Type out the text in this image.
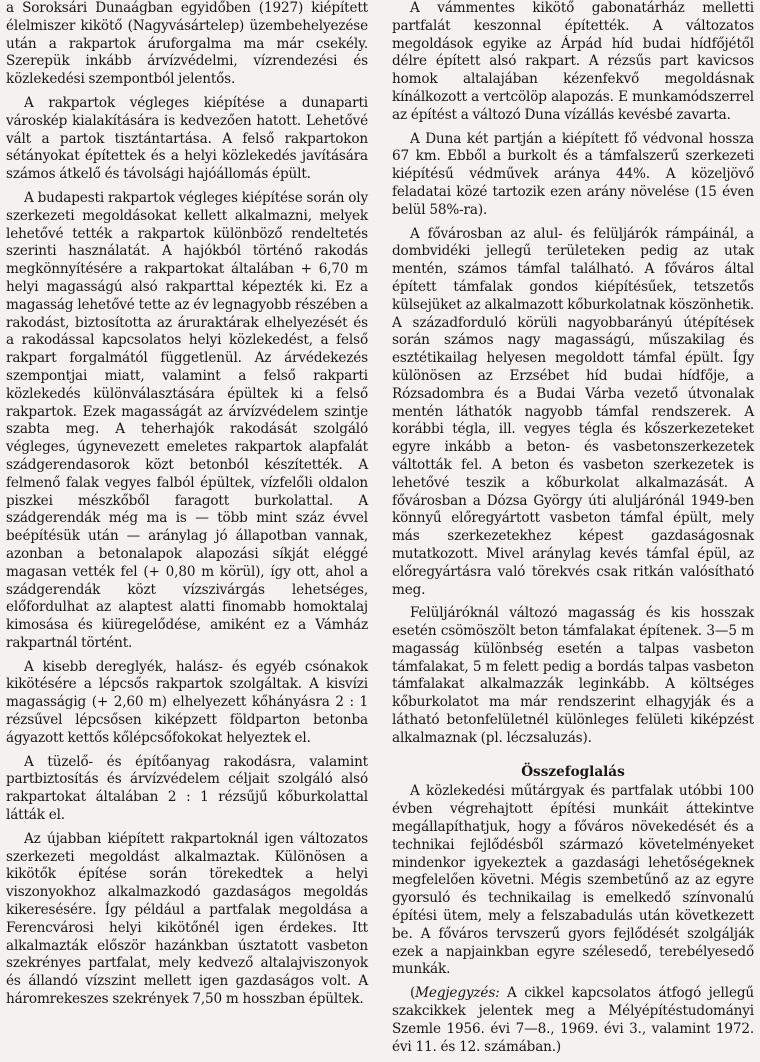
a Soroksári Dunaágban egyidőben (1927) kiépített élelmiszer kikötő (Nagyvásártelep) üzembehelyezése után a rakpartok áruforgalma ma már csekély. Szerepük inkább árvízvédelmi, vízrendezési és közlekedési szempontból jelentős.

A rakpartok végleges kiépítése a dunaparti városkép kialakítására is kedvezően hatott. Lehetővé vált a partok tisztántartása. A felső rakpartokon sétányokat építettek és a helyi közlekedés javítására számos átkelő és távolsági hajóállomás épült.

A budapesti rakpartok végleges kiépítése során oly szerkezeti megoldásokat kellett alkalmazni, melyek lehetővé tették a rakpartok különböző rendeltetés szerinti használatát. A hajókból történő rakodás megkönnyítésére a rakpartokat általában + 6,70 m helyi magasságú alsó rakparttal képezték ki. Ez a magasság lehetővé tette az év legnagyobb részében a rakodást, biztosította az áruraktárak elhelyezését és a rakodással kapcsolatos helyi közlekedést, a felső rakpart forgalmától függetlenül. Az árvédekezés szempontjai miatt, valamint a felső rakparti közlekedés különválasztására épültek ki a felső rakpartok. Ezek magasságát az árvízvédelem szintje szabta meg. A teherhajók rakodását szolgáló végleges, úgynevezett emeletes rakpartok alapfalát szádgerendasorok közt betonból készítették. A felmenő falak vegyes falból épültek, vízfelőli oldalon piszkei mészkőből faragott burkolattal. A szádgerendák még ma is — több mint száz évvel beépítésük után — aránylag jó állapotban vannak, azonban a betonalapok alapozási síkját eléggé magasan vették fel (+ 0,80 m körül), így ott, ahol a szádgerendák közt vízszivárgás lehetséges, előfordulhat az alaptest alatti finomabb homoktalaj kimosása és kiüregelődése, amiként ez a Vámház rakpartnál történt.

A kisebb dereglyék, halász- és egyéb csónakok kikötésére a lépcsős rakpartok szolgáltak. A kisvízi magasságig (+ 2,60 m) elhelyezett kőhányásra 2 : 1 rézsűvel lépcsősen kiképzett földparton betonba ágyazott kettős kőlépcsőfokokat helyeztek el.

A tüzelő- és építőanyag rakodásra, valamint partbiztosítás és árvízvédelem céljait szolgáló alsó rakpartokat általában 2 : 1 rézsűjű kőburkolattal látták el.

Az újabban kiépített rakpartoknál igen változatos szerkezeti megoldást alkalmaztak. Különösen a kikötők építése során törekedtek a helyi viszonyokhoz alkalmazkodó gazdaságos megoldás kikeresésére. Így például a partfalak megoldása a Ferencvárosi helyi kikötőnél igen érdekes. Itt alkalmazták először hazánkban úsztatott vasbeton szekrényes partfalat, mely kedvező altalajviszonyok és állandó vízszint mellett igen gazdaságos volt. A háromrekeszes szekrények 7,50 m hosszban épültek.

A vámmentes kikötő gabonatárház melletti partfalát keszonnal építették. A változatos megoldások egyike az Árpád híd budai hídfőjétől délre épített alsó rakpart. A rézsűs part kavicsos homok altalajában kézenfekvő megoldásnak kínálkozott a vertcölöp alapozás. E munkamódszerrel az építést a változó Duna vízállás kevésbé zavarta.

A Duna két partján a kiépített fő védvonal hossza 67 km. Ebből a burkolt és a támfalszerű szerkezeti kiépítésű védművek aránya 44%. A közeljövő feladatai közé tartozik ezen arány növelése (15 éven belül 58%-ra).

A fővárosban az alul- és felüljárók rámpáinál, a dombvidéki jellegű területeken pedig az utak mentén, számos támfal található. A főváros által épített támfalak gondos kiépítésűek, tetszetős külsejüket az alkalmazott kőburkolatnak köszönhetik. A századforduló körüli nagyobbarányú útépítések során számos nagy magasságú, műszakilag és esztétikailag helyesen megoldott támfal épült. Így különösen az Erzsébet híd budai hídfője, a Rózsadombra és a Budai Várba vezető útvonalak mentén láthatók nagyobb támfal rendszerek. A korábbi tégla, ill. vegyes tégla és kőszerkezeteket egyre inkább a beton- és vasbetonszerkezetek váltották fel. A beton és vasbeton szerkezetek is lehetővé teszik a kőburkolat alkalmazását. A fővárosban a Dózsa György úti aluljárónál 1949-ben könnyű előregyártott vasbeton támfal épült, mely más szerkezetekhez képest gazdaságosnak mutatkozott. Mivel aránylag kevés támfal épül, az előregyártásra való törekvés csak ritkán valósítható meg.

Felüljáróknál változó magasság és kis hosszak esetén csömöszölt beton támfalakat építenek. 3—5 m magasság különbség esetén a talpas vasbeton támfalakat, 5 m felett pedig a bordás talpas vasbeton támfalakat alkalmazzák leginkább. A költséges kőburkolatot ma már rendszerint elhagyják és a látható betonfelületnél különleges felületi kiképzést alkalmaznak (pl. léczsaluzás).

Összefoglalás

A közlekedési műtárgyak és partfalak utóbbi 100 évben végrehajtott építési munkáit áttekintve megállapíthatjuk, hogy a főváros növekedését és a technikai fejlődésből származó követelményeket mindenkor igyekeztek a gazdasági lehetőségeknek megfelelően követni. Mégis szembetűnő az az egyre gyorsuló és technikailag is emelkedő színvonalú építési ütem, mely a felszabadulás után következett be. A főváros tervszerű gyors fejlődését szolgálják ezek a napjainkban egyre szélesedő, terebélyesedő munkák.

(Megjegyzés: A cikkel kapcsolatos átfogó jellegű szakcikkek jelentek meg a Mélyépítéstudományi Szemle 1956. évi 7—8., 1969. évi 3., valamint 1972. évi 11. és 12. számában.)
